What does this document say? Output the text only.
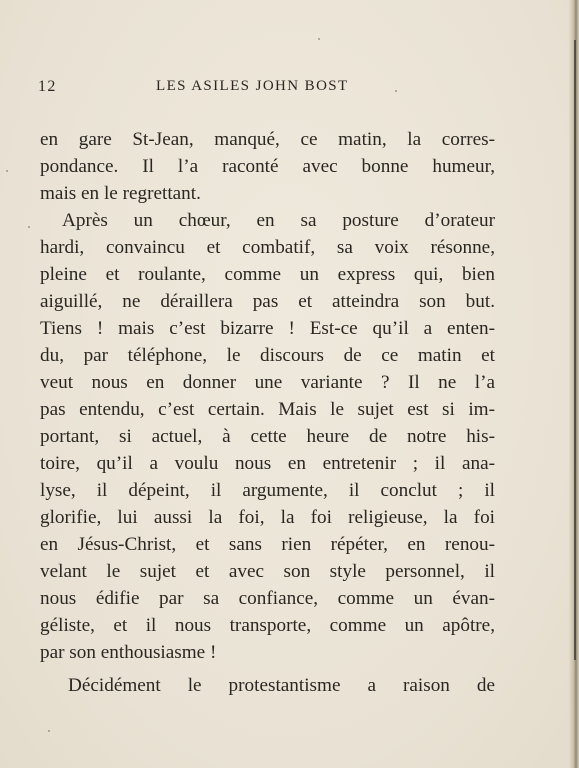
12	LES ASILES JOHN BOST
en gare St-Jean, manqué, ce matin, la corres-
pondance. Il l’a raconté avec bonne humeur,
mais en le regrettant.
Après un chœur, en sa posture d’orateur
hardi, convaincu et combatif, sa voix résonne,
pleine et roulante, comme un express qui, bien
aiguillé, ne déraillera pas et atteindra son but.
Tiens ! mais c’est bizarre ! Est-ce qu’il a enten-
du, par téléphone, le discours de ce matin et
veut nous en donner une variante ? Il ne l’a
pas entendu, c’est certain. Mais le sujet est si im-
portant, si actuel, à cette heure de notre his-
toire, qu’il a voulu nous en entretenir ; il ana-
lyse, il dépeint, il argumente, il conclut ; il
glorifie, lui aussi la foi, la foi religieuse, la foi
en Jésus-Christ, et sans rien répéter, en renou-
velant le sujet et avec son style personnel, il
nous édifie par sa confiance, comme un évan-
géliste, et il nous transporte, comme un apôtre,
par son enthousiasme !
Décidément le protestantisme a raison de
